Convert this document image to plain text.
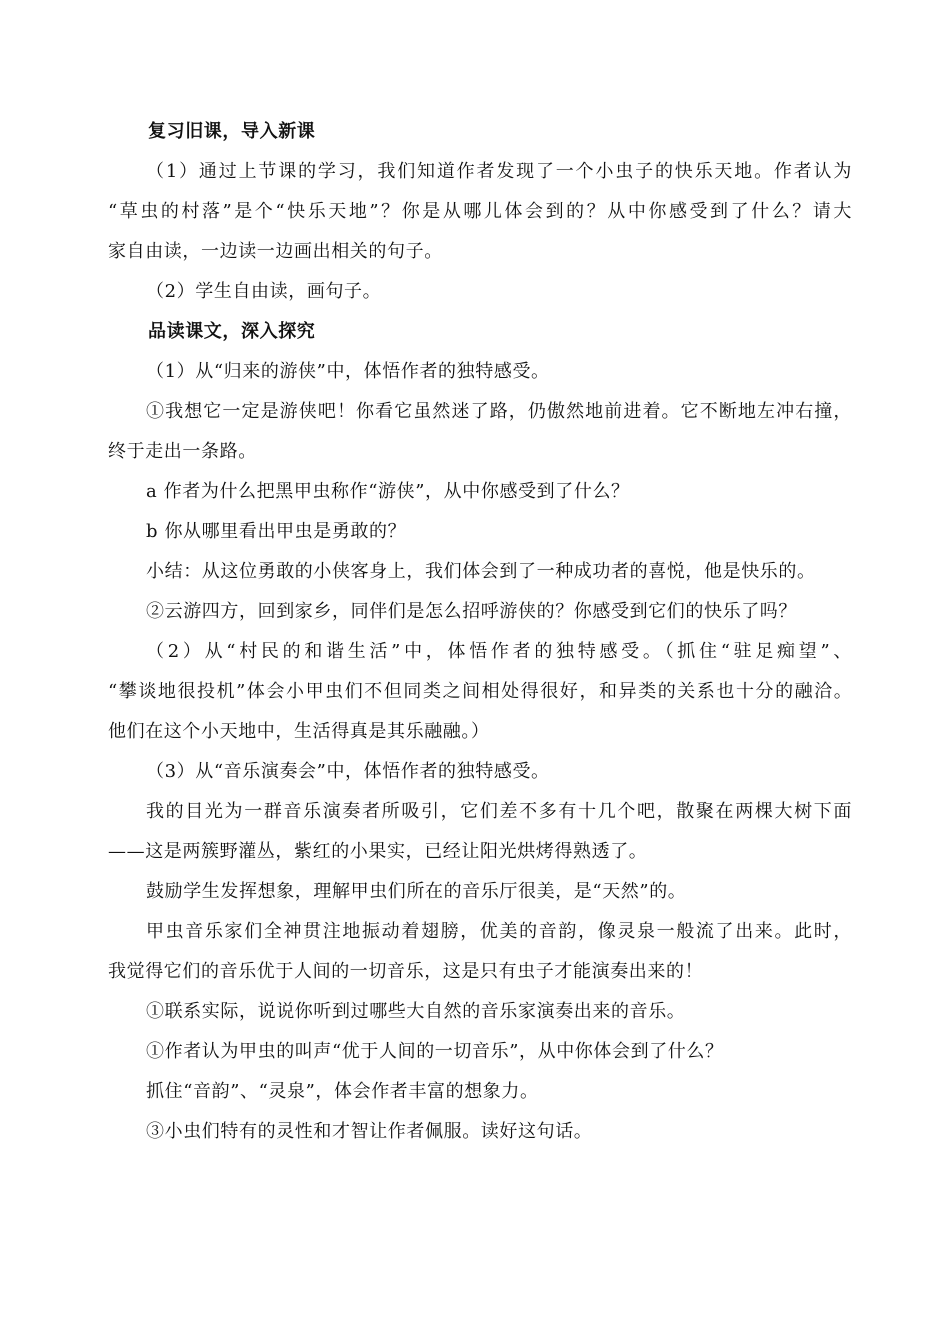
复习旧课，导入新课
（1）通过上节课的学习，我们知道作者发现了一个小虫子的快乐天地。作者认为
“草虫的村落”是个“快乐天地”？你是从哪儿体会到的？从中你感受到了什么？请大
家自由读，一边读一边画出相关的句子。
（2）学生自由读，画句子。
品读课文，深入探究
（1）从“归来的游侠”中，体悟作者的独特感受。
①我想它一定是游侠吧！你看它虽然迷了路，仍傲然地前进着。它不断地左冲右撞，
终于走出一条路。
a 作者为什么把黑甲虫称作“游侠”，从中你感受到了什么？
b 你从哪里看出甲虫是勇敢的？
小结：从这位勇敢的小侠客身上，我们体会到了一种成功者的喜悦，他是快乐的。
②云游四方，回到家乡，同伴们是怎么招呼游侠的？你感受到它们的快乐了吗？
（2）从“村民的和谐生活”中，体悟作者的独特感受。（抓住“驻足痴望”、
“攀谈地很投机”体会小甲虫们不但同类之间相处得很好，和异类的关系也十分的融洽。
他们在这个小天地中，生活得真是其乐融融。）
（3）从“音乐演奏会”中，体悟作者的独特感受。
我的目光为一群音乐演奏者所吸引，它们差不多有十几个吧，散聚在两棵大树下面
——这是两簇野灌丛，紫红的小果实，已经让阳光烘烤得熟透了。
鼓励学生发挥想象，理解甲虫们所在的音乐厅很美，是“天然”的。
甲虫音乐家们全神贯注地振动着翅膀，优美的音韵，像灵泉一般流了出来。此时，
我觉得它们的音乐优于人间的一切音乐，这是只有虫子才能演奏出来的！
①联系实际，说说你听到过哪些大自然的音乐家演奏出来的音乐。
①作者认为甲虫的叫声“优于人间的一切音乐”，从中你体会到了什么？
抓住“音韵”、“灵泉”，体会作者丰富的想象力。
③小虫们特有的灵性和才智让作者佩服。读好这句话。
